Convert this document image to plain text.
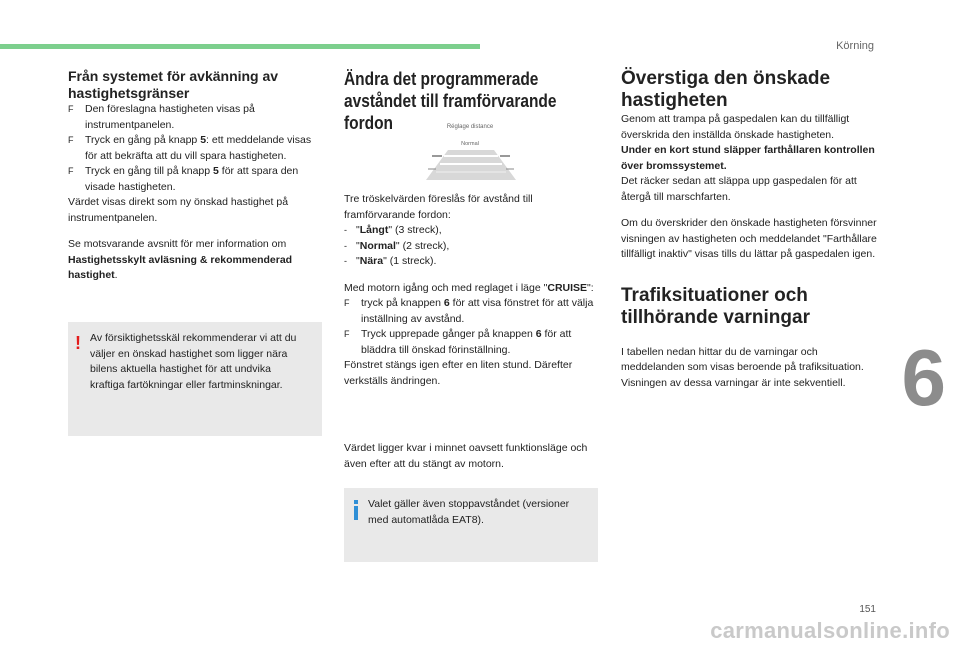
Körning
6
151
carmanualsonline.info

Från systemet för avkänning av hastighetsgränser

F	Den föreslagna hastigheten visas på instrumentpanelen.
F	Tryck en gång på knapp 5: ett meddelande visas för att bekräfta att du vill spara hastigheten.
F	Tryck en gång till på knapp 5 för att spara den visade hastigheten.

Värdet visas direkt som ny önskad hastighet på instrumentpanelen.

Se motsvarande avsnitt för mer information om Hastighetsskylt avläsning & rekommenderad hastighet.

! Av försiktighetsskäl rekommenderar vi att du väljer en önskad hastighet som ligger nära bilens aktuella hastighet för att undvika kraftiga fartökningar eller fartminskningar.

Ändra det programmerade avståndet till framförvarande fordon	Réglage distance
Normal

Tre tröskelvärden föreslås för avstånd till framförvarande fordon:

- "Långt" (3 streck),
- "Normal" (2 streck),
- "Nära" (1 streck).

Med motorn igång och med reglaget i läge "CRUISE":

F	tryck på knappen 6 för att visa fönstret för att välja inställning av avstånd.
F	Tryck upprepade gånger på knappen 6 för att bläddra till önskad förinställning.

Fönstret stängs igen efter en liten stund. Därefter verkställs ändringen.

Värdet ligger kvar i minnet oavsett funktionsläge och även efter att du stängt av motorn.

Valet gäller även stoppavståndet (versioner med automatlåda EAT8).

Överstiga den önskade hastigheten

Genom att trampa på gaspedalen kan du tillfälligt överskrida den inställda önskade hastigheten.

Under en kort stund släpper farthållaren kontrollen över bromssystemet.

Det räcker sedan att släppa upp gaspedalen för att återgå till marschfarten.

Om du överskrider den önskade hastigheten försvinner visningen av hastigheten och meddelandet "Farthållare tillfälligt inaktiv" visas tills du lättar på gaspedalen igen.

Trafiksituationer och tillhörande varningar

I tabellen nedan hittar du de varningar och meddelanden som visas beroende på trafiksituation.

Visningen av dessa varningar är inte sekventiell.
